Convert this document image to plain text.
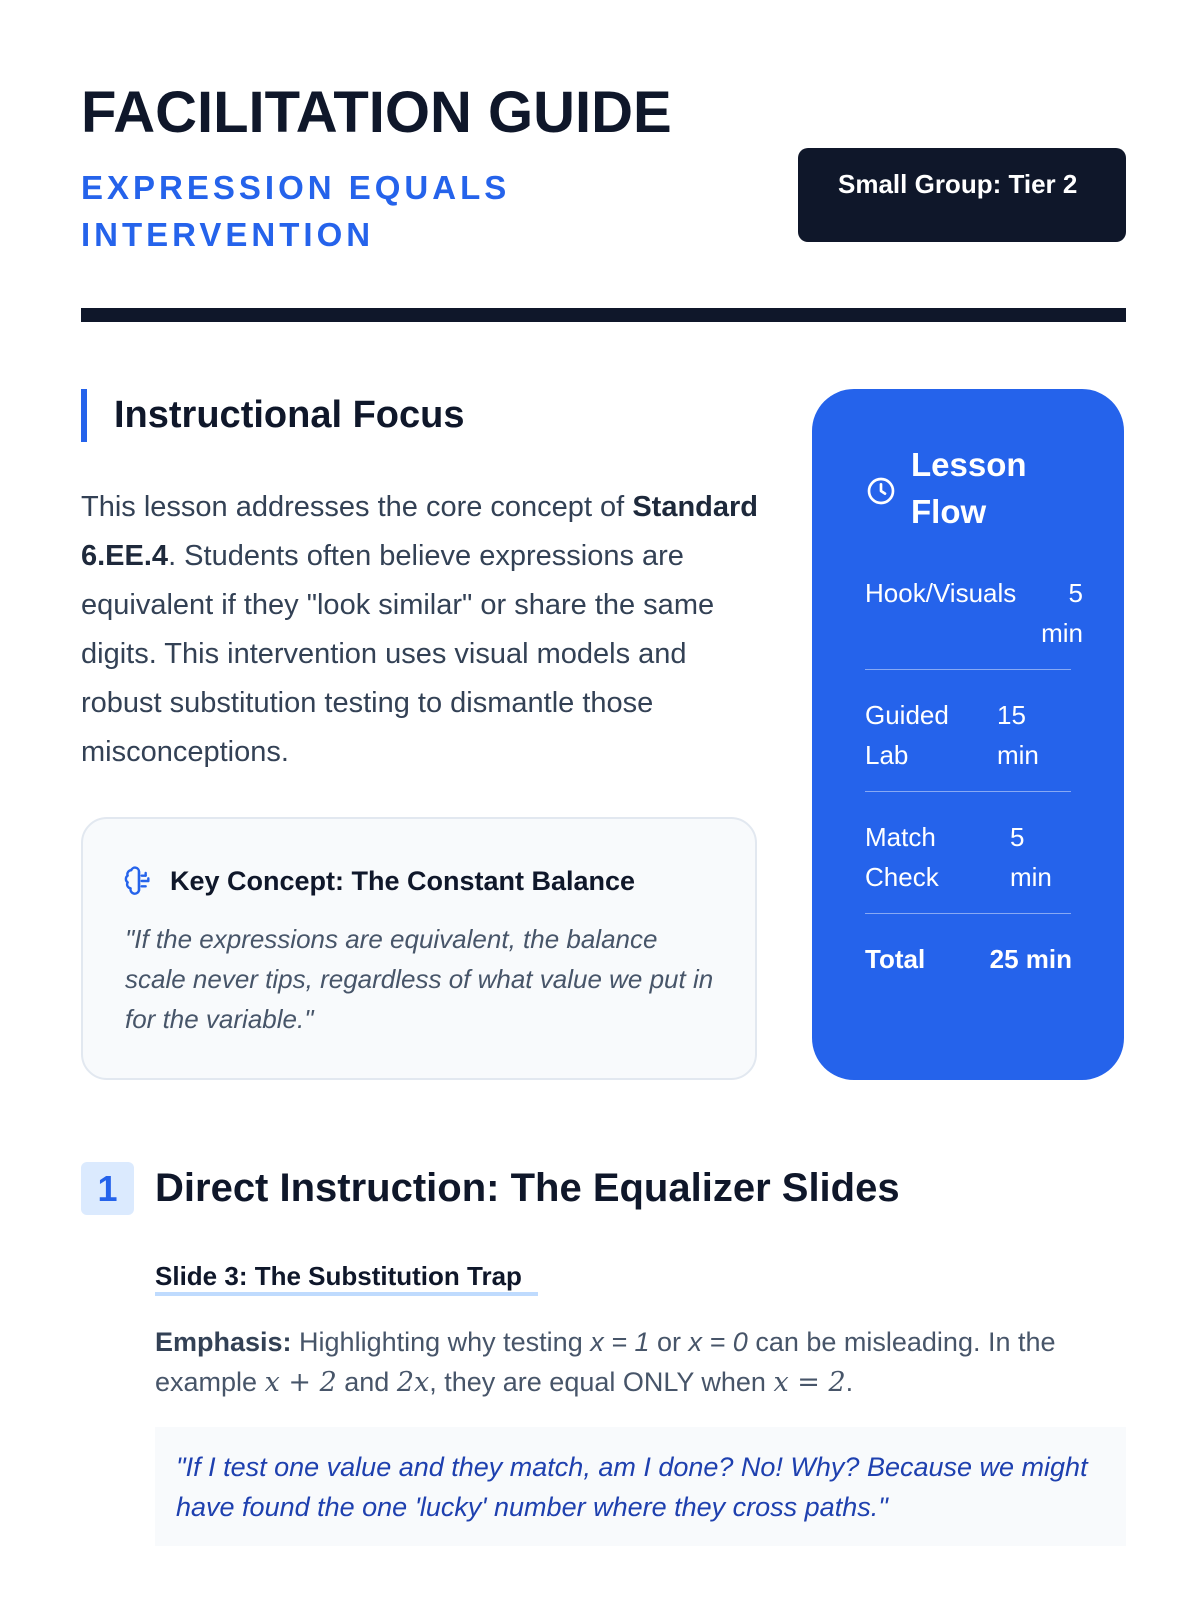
FACILITATION GUIDE
EXPRESSION EQUALS INTERVENTION
Small Group: Tier 2
Instructional Focus

This lesson addresses the core concept of Standard 6.EE.4. Students often believe expressions are equivalent if they "look similar" or share the same digits. This intervention uses visual models and robust substitution testing to dismantle those misconceptions.

Key Concept: The Constant Balance

"If the expressions are equivalent, the balance scale never tips, regardless of what value we put in for the variable."

Lesson Flow
Hook/Visuals	5 min
Guided Lab
15 min
Match Check
5 min
Total 25 min
1 Direct Instruction: The Equalizer Slides
Slide 3: The Substitution Trap

Emphasis: Highlighting why testing x = 1 or x = 0 can be misleading. In the example x + 2 and 2x, they are equal ONLY when x = 2.

"If I test one value and they match, am I done? No! Why? Because we might have found the one 'lucky' number where they cross paths."
